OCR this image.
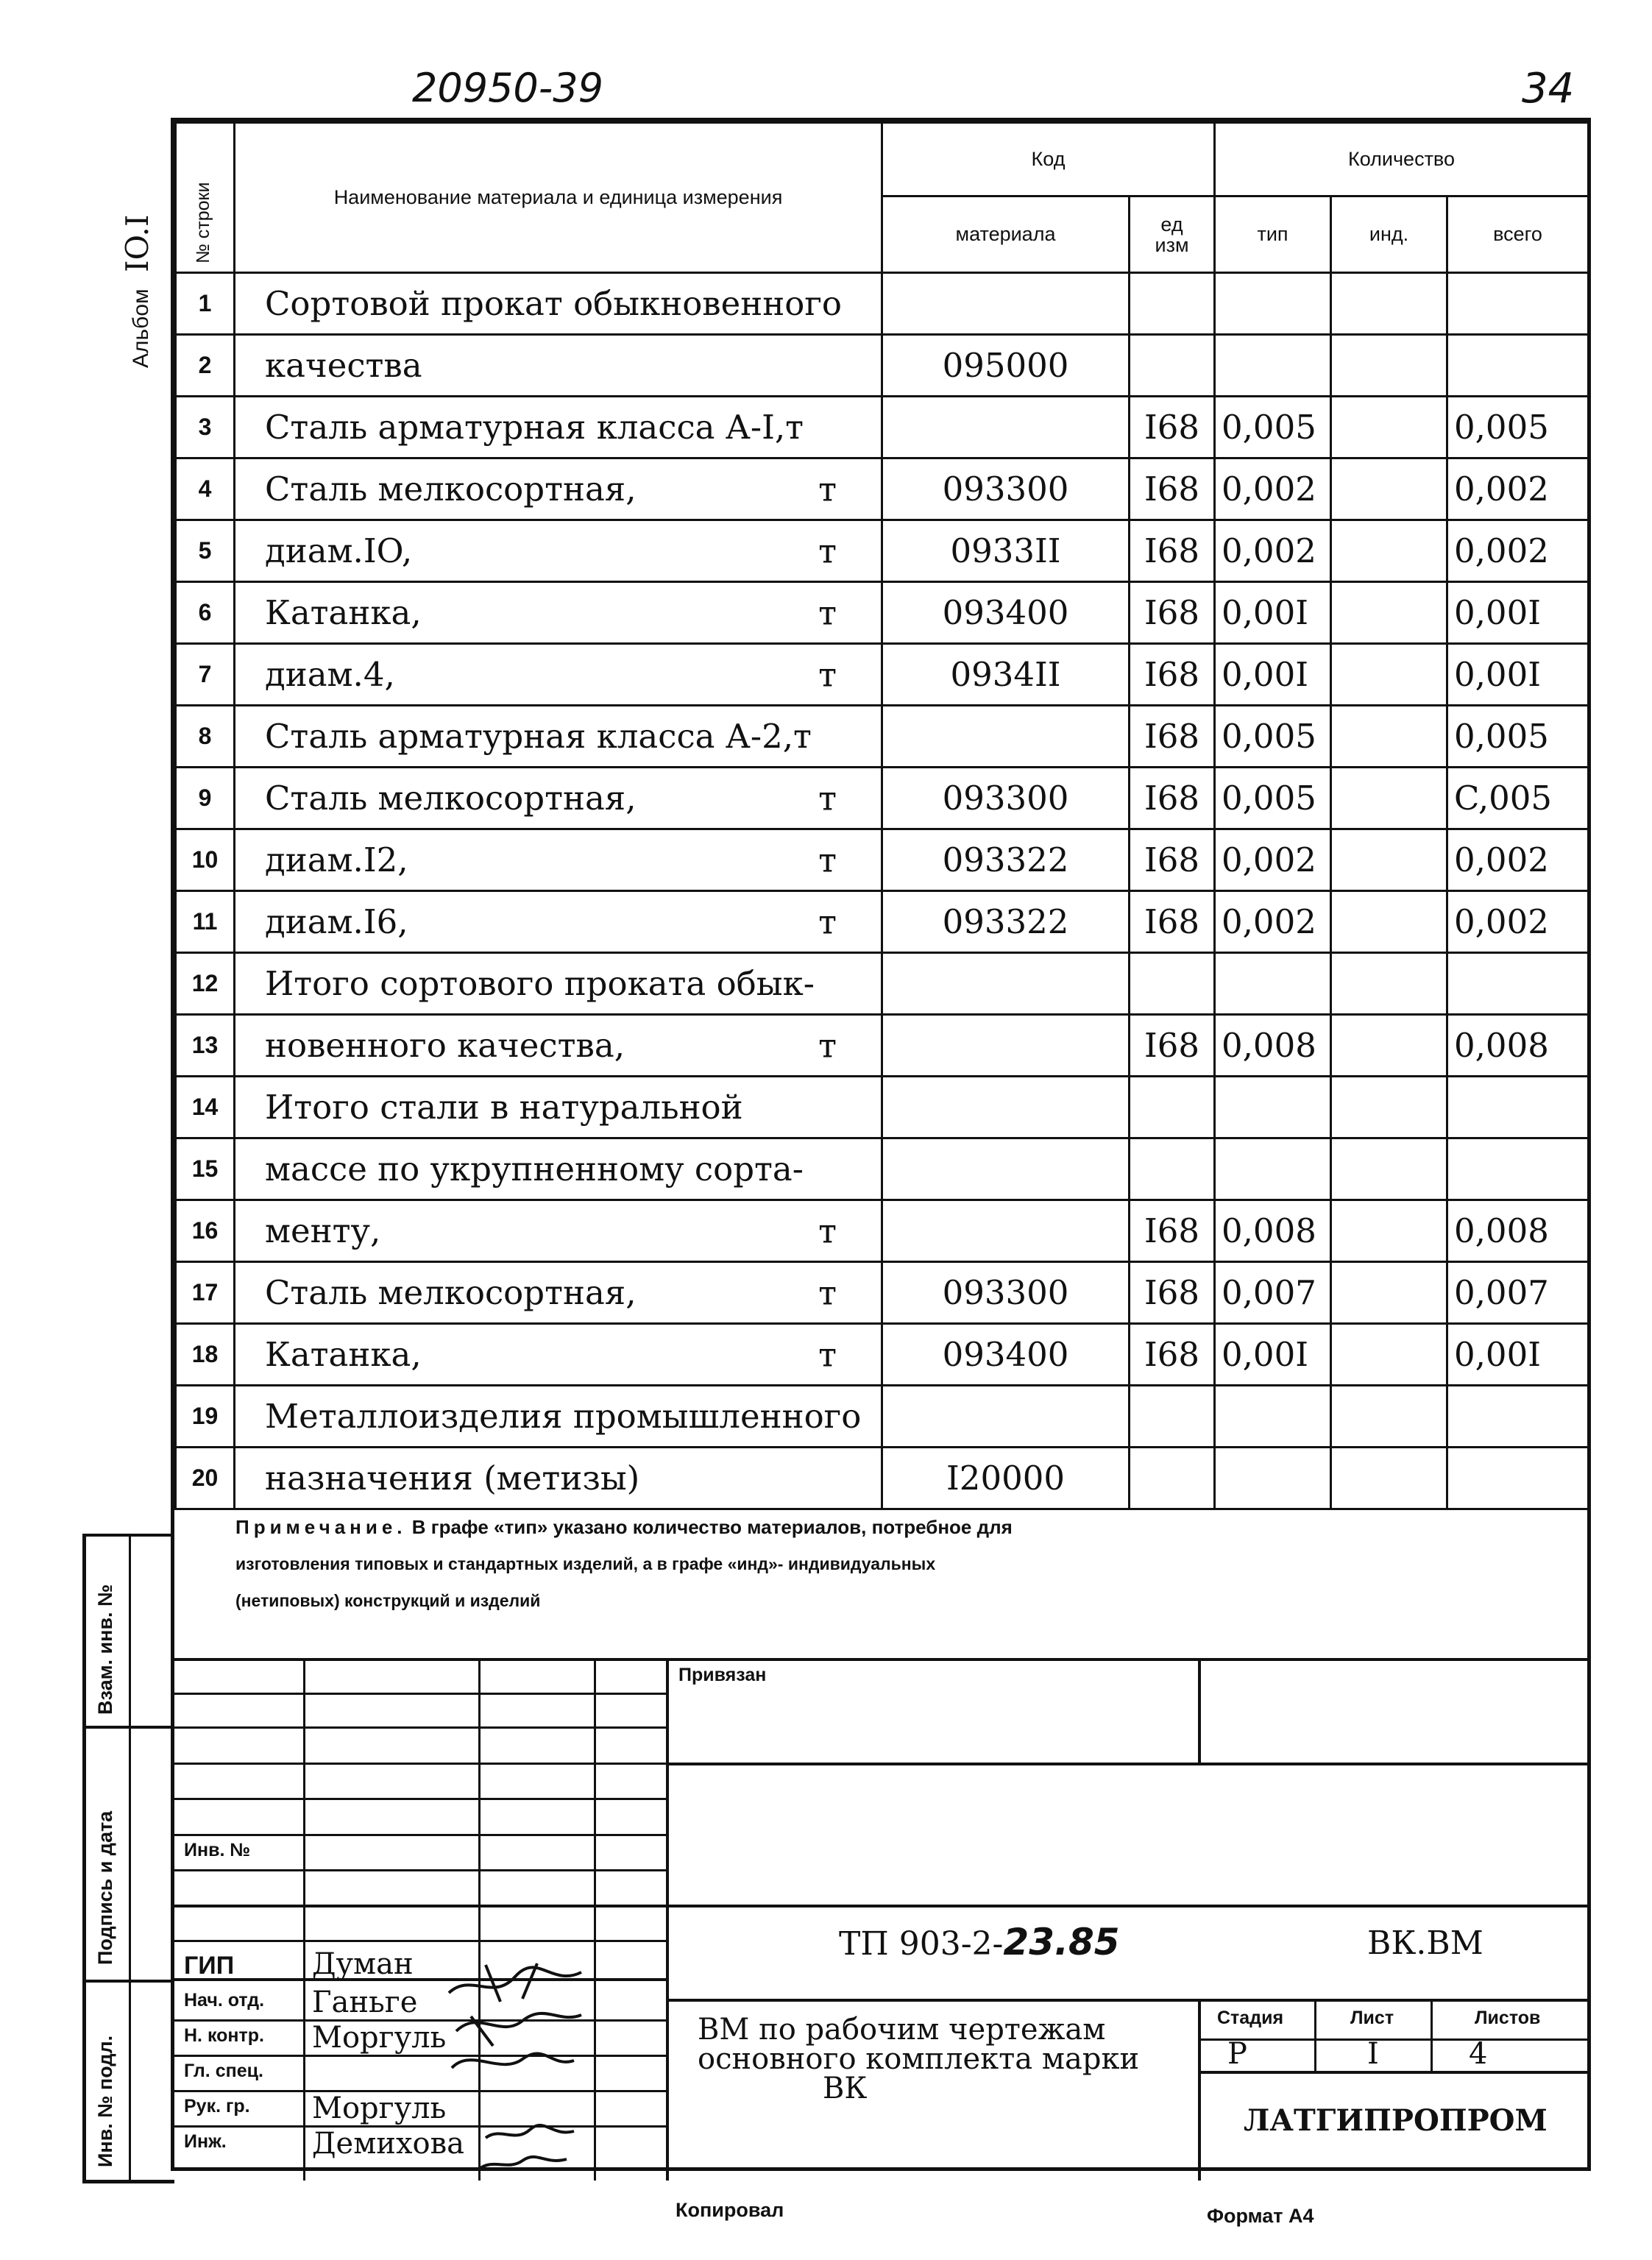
20950-39	34
Альбом IO.I № строки	Наименование материала и единица измерения	Код		Количество		
		материала	ед изм	тип	инд.	всего
1	Сортовой прокат обыкновенного

2	качества	095000				
3	Сталь арматурная класса А-I,т		I68	0,005		0,005
4	Сталь мелкосортная, т	093300	I68	0,002		0,002
5	диам.IO, т	0933II	I68	0,002		0,002
6	Катанка, т	093400	I68	0,00I		0,00I
7	диам.4, т	0934II	I68	0,00I		0,00I
8	Сталь арматурная класса А-2,т		I68	0,005		0,005
9	Сталь мелкосортная, т	093300	I68	0,005		C,005
10	диам.I2, т	093322	I68	0,002		0,002
11	диам.I6, т	093322	I68	0,002		0,002
12	Итого сортового проката обык-

13	новенного качества, т		I68	0,008		0,008
14	Итого стали в натуральной

15	массе по укрупненному сорта-

16	менту, т		I68	0,008		0,008
17	Сталь мелкосортная, т	093300	I68	0,007		0,007
18	Катанка, т	093400	I68	0,00I		0,00I
19	Металлоизделия промышленного

20	назначения (метизы)	I20000				
Примечание. В графе «тип» указано количество материалов, потребное для
изготовления типовых и стандартных изделий, а в графе «инд»- индивидуальных
(нетиповых) конструкций и изделий
Взам. инв. №
Подпись и дата
Инв. № подл.
Привязан
Инв. №
ТП 903-2-23.85	ВК.ВМ
ВМ по рабочим чертежам
основного комплекта марки
ВК
Стадия	Лист	Листов
Р	I	4
ЛАТГИПРОПРОМ
ГИП	Думан
Нач. отд. Ганьге
Н. контр. Моргуль
Гл. спец.
Рук. гр. Моргуль
Инж.	Демихова
Копировал	Формат А4
